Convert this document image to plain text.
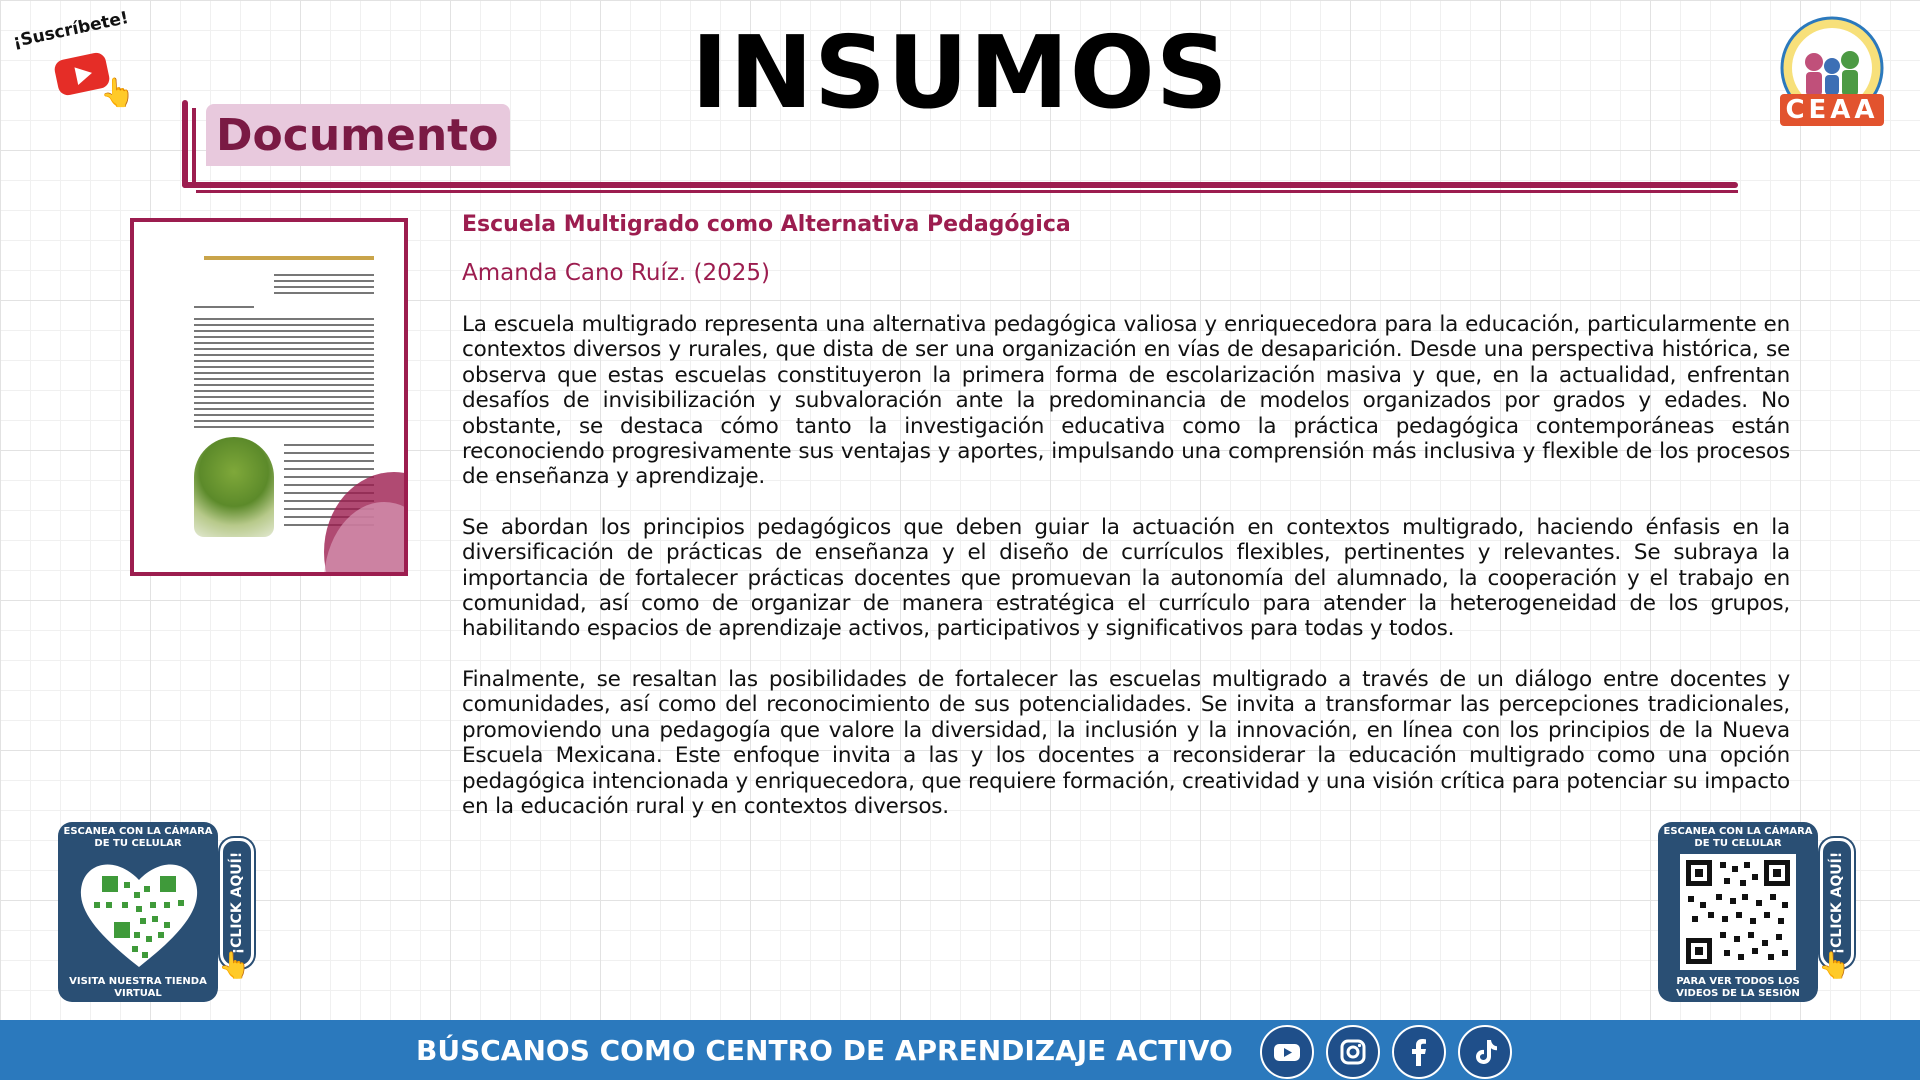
¡Suscríbete!
👆	INSUMOS	CEAA
Documento
Escuela Multigrado como Alternativa Pedagógica
Amanda Cano Ruíz. (2025)

La escuela multigrado representa una alternativa pedagógica valiosa y enriquecedora para la educación, particularmente en contextos diversos y rurales, que dista de ser una organización en vías de desaparición. Desde una perspectiva histórica, se observa que estas escuelas constituyeron la primera forma de escolarización masiva y que, en la actualidad, enfrentan desafíos de invisibilización y subvaloración ante la predominancia de modelos organizados por grados y edades. No obstante, se destaca cómo tanto la investigación educativa como la práctica pedagógica contemporáneas están reconociendo progresivamente sus ventajas y aportes, impulsando una comprensión más inclusiva y flexible de los procesos de enseñanza y aprendizaje.

Se abordan los principios pedagógicos que deben guiar la actuación en contextos multigrado, haciendo énfasis en la diversificación de prácticas de enseñanza y el diseño de currículos flexibles, pertinentes y relevantes. Se subraya la importancia de fortalecer prácticas docentes que promuevan la autonomía del alumnado, la cooperación y el trabajo en comunidad, así como de organizar de manera estratégica el currículo para atender la heterogeneidad de los grupos, habilitando espacios de aprendizaje activos, participativos y significativos para todas y todos.

Finalmente, se resaltan las posibilidades de fortalecer las escuelas multigrado a través de un diálogo entre docentes y comunidades, así como del reconocimiento de sus potencialidades. Se invita a transformar las percepciones tradicionales, promoviendo una pedagogía que valore la diversidad, la inclusión y la innovación, en línea con los principios de la Nueva Escuela Mexicana. Este enfoque invita a las y los docentes a reconsiderar la educación multigrado como una opción pedagógica intencionada y enriquecedora, que requiere formación, creatividad y una visión crítica para potenciar su impacto en la educación rural y en contextos diversos.

ESCANEA CON LA CÁMARA DE TU CELULAR
VISITA NUESTRA TIENDA VIRTUAL
¡CLICK AQUÍ!
👆
ESCANEA CON LA CÁMARA DE TU CELULAR
PARA VER TODOS LOS VIDEOS DE LA SESIÓN
¡CLICK AQUÍ!
👆
BÚSCANOS COMO CENTRO DE APRENDIZAJE ACTIVO
